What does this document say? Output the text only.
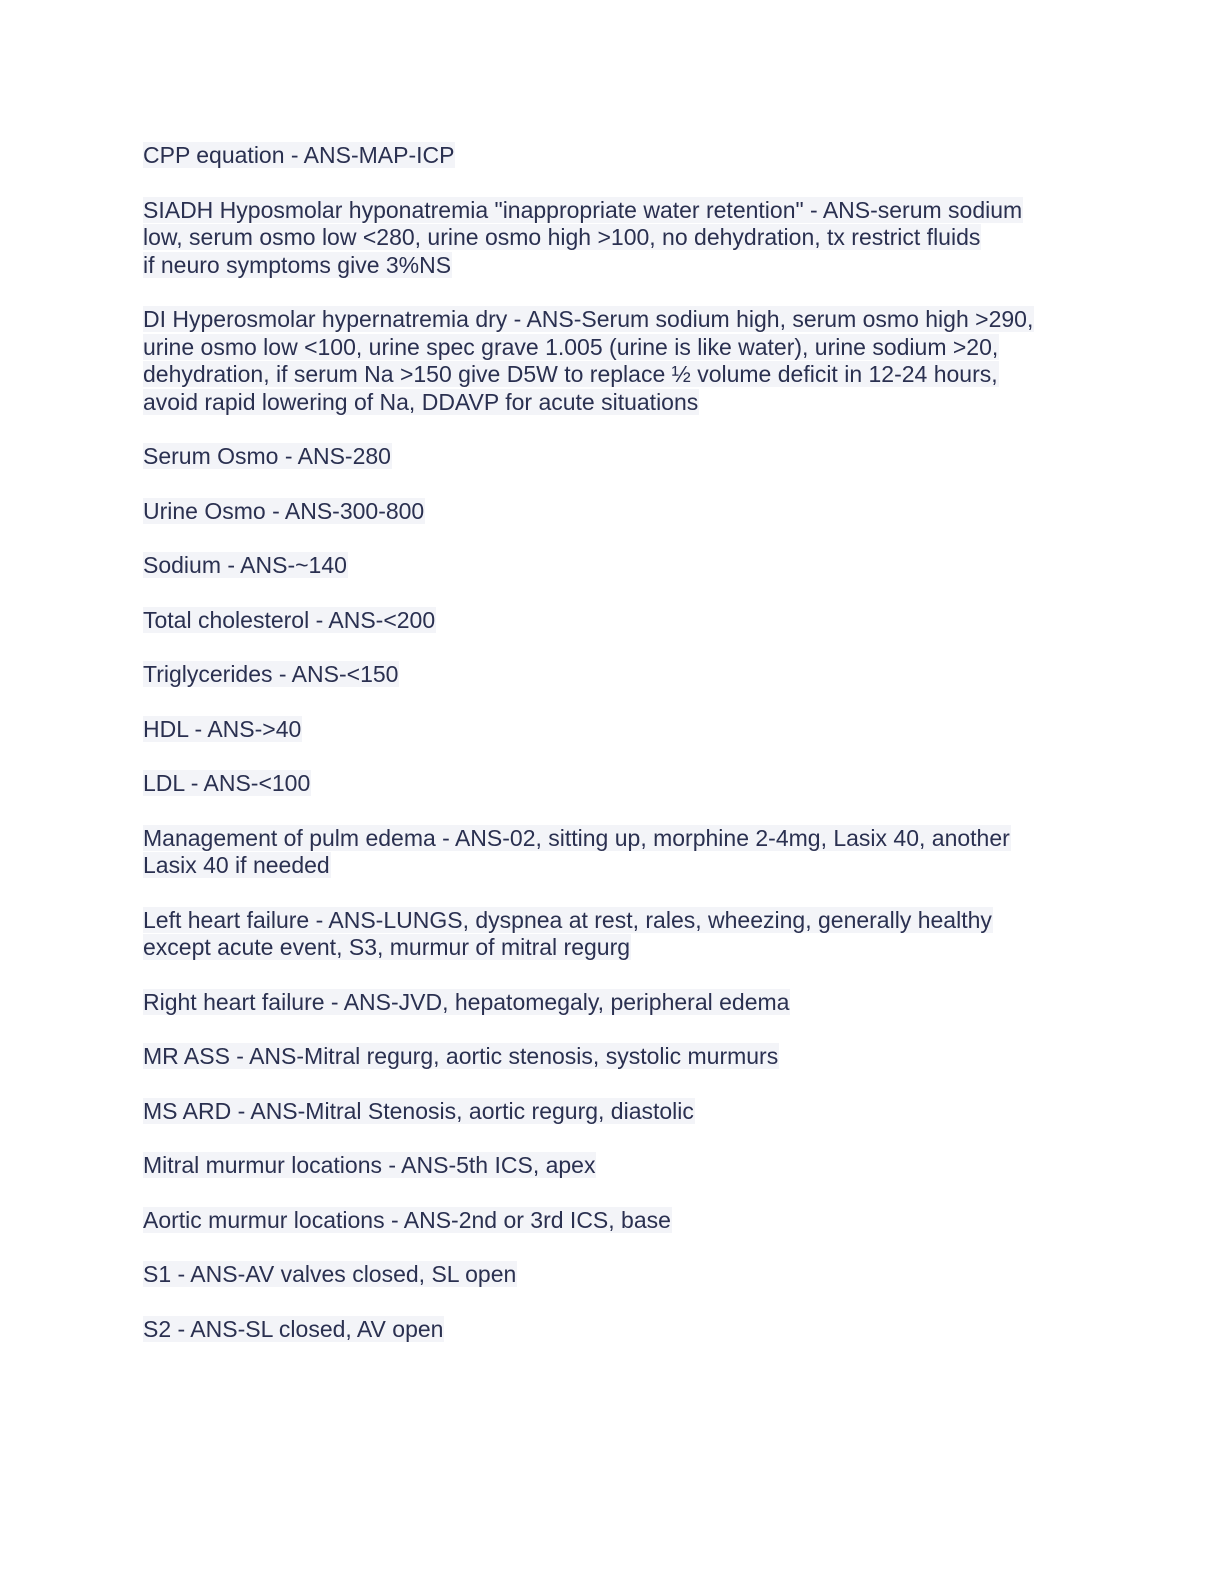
CPP equation - ANS-MAP-ICP
SIADH Hyposmolar hyponatremia "inappropriate water retention" - ANS-serum sodium
low, serum osmo low <280, urine osmo high >100, no dehydration, tx restrict fluids
if neuro symptoms give 3%NS
DI Hyperosmolar hypernatremia dry - ANS-Serum sodium high, serum osmo high >290,
urine osmo low <100, urine spec grave 1.005 (urine is like water), urine sodium >20,
dehydration, if serum Na >150 give D5W to replace ½ volume deficit in 12-24 hours,
avoid rapid lowering of Na, DDAVP for acute situations
Serum Osmo - ANS-280
Urine Osmo - ANS-300-800
Sodium - ANS-~140
Total cholesterol - ANS-<200
Triglycerides - ANS-<150
HDL - ANS->40
LDL - ANS-<100
Management of pulm edema - ANS-02, sitting up, morphine 2-4mg, Lasix 40, another
Lasix 40 if needed
Left heart failure - ANS-LUNGS, dyspnea at rest, rales, wheezing, generally healthy
except acute event, S3, murmur of mitral regurg
Right heart failure - ANS-JVD, hepatomegaly, peripheral edema
MR ASS - ANS-Mitral regurg, aortic stenosis, systolic murmurs
MS ARD - ANS-Mitral Stenosis, aortic regurg, diastolic
Mitral murmur locations - ANS-5th ICS, apex
Aortic murmur locations - ANS-2nd or 3rd ICS, base
S1 - ANS-AV valves closed, SL open
S2 - ANS-SL closed, AV open
